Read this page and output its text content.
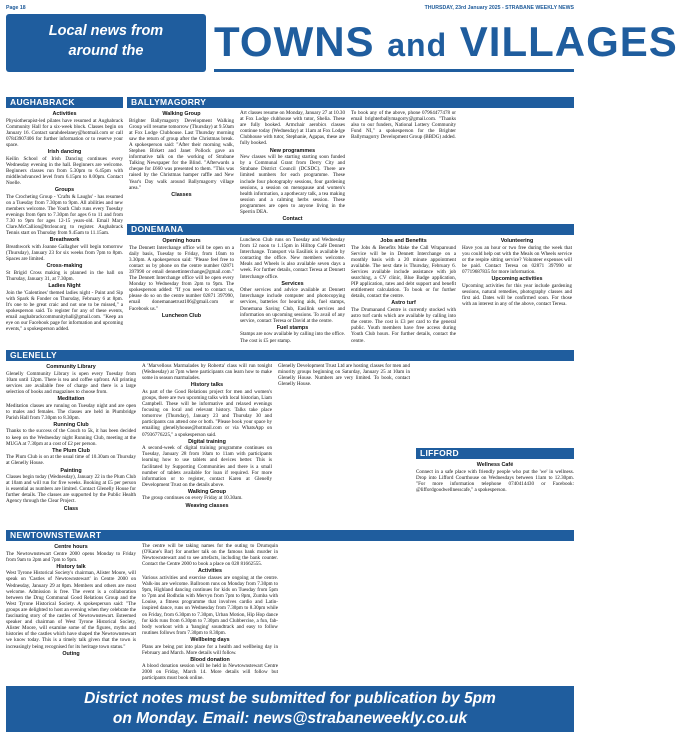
Page 18	THURSDAY, 23rd January 2025 - STRABANE WEEKLY NEWS
Local news from
around the	TOWNS and VILLAGES
AUGHABRACK	BALLYMAGORRY
DONEMANA
GLENELLY
LIFFORD
NEWTOWNSTEWART
Activities

Physiotherapist-led pilates have resumed at Aughabrack Community Hall for a six-week block. Classes begin on January 16. Contact sarahdeelaney@hotmail.com or call 07843907406 for further information or to reserve your space.

Irish dancing

Keilin School of Irish Dancing continues every Wednesday evening in the hall. Beginners are welcome. Beginners classes run from 5.30pm to 6.45pm with middle/advanced level from 6.15pm to 8.00pm. Contact Noelle.

Groups

The Crocheting Group - 'Crafts & Laughs' - has resumed on a Tuesday from 7.30pm to 9pm. All abilities and new members welcome. The Youth Club runs every Tuesday evenings from 6pm to 7.30pm for ages 6 to 11 and from 7.30 to 9pm for ages 12-15 years-old. Email Mary Clare.McCallion@btclear.org to register. Aughabrack Tennis start on Thursday from 9.45am to 11.15am.

Breathwork

Breathwork with Joanne Gallagher will begin tomorrow (Thursday), January 23 for six weeks from 7pm to 8pm. Spaces are limited.

Cross-making

St Brigid Cross making is planned in the hall on Thursday, January 31, at 7.30pm.

Ladies Night

Join the 'Galentines' themed ladies night - Paint and Sip with Spark & Fonder on Thursday, February 6 at 8pm. It's one to be great craic and not one to be missed," a spokesperson said. To register for any of these events, email aughabrackcommunityhall@gmail.com. "Keep an eye on our Facebook page for information and upcoming events," a spokesperson added.

Walking Group

Brighter Ballymagorry Development Walking Group will resume tomorrow (Thursday) at 9.50am at Fox Lodge Clubhouse. Last Thursday morning saw the return of group after the Christmas break. A spokesperson said: "After their morning walk, Stephen Birkett and Janet Pollock gave an informative talk on the working of Strabane Talking Newspaper for the Blind. "Afterwards a cheque for £660 was presented to them. "This was raised by the Christmas hamper raffle and New Year's Day walk around Ballymagorry village area."

Classes

Art classes resume on Monday, January 27 at 10.30 at Fox Lodge clubhouse with tutor, Shelia. These are fully booked. Armchair aerobics classes continue today (Wednesday) at 11am at Fox Lodge Clubhouse with tutor, Stephanie, Agapas, these are fully booked.

New programmes

New classes will be starting starting soon funded by a Communal Grant from Derry City and Strabane District Council (DCSDC). There are limited numbers for each programme. These include four photography sessions, four gardening sessions, a session on menopause and women's health information, a apothecary talk, a tea making session and a calming herbs session. These programmes are open to anyone living in the Sperrin DEA.

Contact

To book any of the above, phone 07964477478 or email brighterballymagorry@gmail.com. "Thanks also to our funders, National Lottery Community Fund NI," a spokesperson for the Brighter Ballymagorry Development Group (BBDG) added.

Opening hours

The Dennett Interchange office will be open on a daily basis, Tuesday to Friday, from 10am to 3.30pm. A spokesperson said: "Please feel free to contact us by phone on the centre number 02871 397990 or email dennettinterchange@gmail.com." The Dennett Interchange office will be open every Monday to Wednesday from 2pm to 9pm. The spokesperson added: "If you need to contact us, please do so on the centre number 02871 397990, email donemanaetrust106@gmail.com or Facebook us."

Luncheon Club

Luncheon Club runs on Tuesday and Wednesday from 12 noon to 1.15pm in Hilltop Café Dennett Interchange. Transport via Easilink is available by contacting the office. New members welcome. Meals and Wheels is also available seven days a week. For further details, contact Teresa at Dennett Interchange office.

Services

Other services and advice available at Dennett Interchange include computer and photocopying services, batteries for hearing aids, fuel stamps, Donemana Saving Club, Easilink services and information on upcoming sessions. To avail of any service, contact Teresa or David at the centre.

Fuel stamps

Stamps are now available by calling into the office. The cost is £5 per stamp.

Jobs and Benefits

The Jobs & Benefits Make the Call Wraparound Service will be in Dennett Interchange on a monthly basis with a 20 minute appointment available. The next date is Thursday, February 6. Services available include assistance with job searching, a CV clinic, Blue Badge application, PIP application, rates and debt support and benefit entitlement calculation. To book or for further details, contact the centre.

Astro turf

The Drumanand Centre is currently stocked with astro turf cards which are available by calling into the centre. The cost is £3 per card to the general public. Youth members have free access during Youth Club hours. For further details, contact the centre.

Volunteering

Have you an hour or two free during the week that you could help out with the Meals on Wheels service or the respite sitting service? Volunteer expenses will be paid. Contact Teresa on 02871 397990 or 07719687835 for more information.

Upcoming activities

Upcoming activities for this year include gardening sessions, natural remedies, photography classes and first aid. Dates will be confirmed soon. For those with an interest in any of the above, contact Teresa.

Community Library

Glenelly Community Library is open every Tuesday from 10am until 12pm. There is tea and coffee upfront. All printing services are available free of charge and there is a large selection of books and magazines to choose from.

Meditation

Meditation classes are running on Tuesday night and are open to males and females. The classes are held in Plumbridge Parish Hall from 7.30pm to 8.30pm.

Running Club

Thanks to the success of the Couch to 5k, it has been decided to keep on the Wednesday night Running Club, meeting at the MUGA at 7.30pm at a cost of £2 per person.

The Plum Club

The Plum Club is on at the usual time of 10.30am on Thursday at Glenelly House.

Painting

Classes begin today (Wednesday), January 22 in the Plum Club at 10am and will run for five weeks. Booking at £5 per person is essential as numbers are limited. Contact Glenelly House for further details. The classes are supported by the Public Health Agency through the Clear Project.

Class

A 'Marvellous Marmalades by Roberta' class will run tonight (Wednesday) at 7pm where participants can learn how to make some in season marmalades.

History talks

As part of the Good Relations project for men and women's groups, there are two upcoming talks with local historian, Liam Campbell. These will be informative and relaxed evenings focusing on local and relevant history. Talks take place tomorrow (Thursday), January 23 and Thursday 30 and participants can attend one or both. "Please book your space by emailing glenellyhouse@hotmail.com or via WhatsApp on 07936776225," a spokesperson said.

Digital training

A second-week of digital training programme continues on Tuesday, January 28 from 10am to 11am with participants learning how to use tablets and devices better. This is facilitated by Supporting Communities and there is a small number of tablets available for loan if required. For more information or to register, contact Karen at Glenelly Development Trust on the details above.

Walking Group

The group continues on every Friday at 10.30am.

Weaving classes

Glenelly Development Trust Ltd are hosting classes for men and minority groups beginning on Saturday, January 25 at 10am in Glenelly House. Numbers are very limited. To book, contact Glenelly House.

Wellness Café

Connect in a safe place with friendly people who put the 'we' in wellness. Drop into Lifford Courthouse on Wednesdays between 11am to 12.30pm. "For more information telephone 0740414430 or Facebook: @liffordgoodwellnesscafe," a spokesperson.

Centre hours

The Newtownstewart Centre 2000 opens Monday to Friday from 9am to 2pm and 7pm to 9pm.

History talk

West Tyrone Historical Society's chairman, Alister Moore, will speak on 'Castles of Newtownstewart' in Centre 2000 on Wednesday, January 29 at 8pm. Members and others are most welcome. Admission is free. The event is a collaboration between the Drug Communal Good Relations Group and the West Tyrone Historical Society. A spokesperson said: "The groups are delighted to host an evening when they celebrate the fascinating story of the castles of Newtownstewart. Esteemed speaker and chairman of West Tyrone Historical Society, Alister Moore, will examine some of the figures, myths and histories of the castles which have shaped the Newtownstewart we know today. This is a timely talk given that the town is increasingly being recognised for its heritage town status."

Outing

The centre will be taking names for the outing to Drumquin (O'Kane's Bar) for another talk on the famous bank murder in Newtownstewart and to see artefacts, including the bank counter. Contact the Centre 2000 to book a place on 028 81662555.

Activities

Various activities and exercise classes are ongoing at the centre. Walk-ins are welcome. Ballroom runs on Monday from 7.30pm to 9pm, Highland dancing continues for kids on Tuesday from 5pm to 7pm and Bodhrán with Mervyn from 7pm to 8pm, Zumba with Louise, a fitness programme that involves cardio and Latin-inspired dance, runs on Wednesday from 7.30pm to 8.30pm while on Friday, from 6.30pm to 7.30pm, Urban Motion, Hip Hop dance for kids runs from 6.30pm to 7.30pm and Clubbercise, a fun, fab-body workout with a 'banging' soundtrack and easy to follow routines follows from 7.30pm to 8.30pm.

Wellbeing days

Plans are being put into place for a health and wellbeing day in February and March. More details will follow.

Blood donation

A blood donation session will be held in Newtownstewart Centre 2000 on Friday, March 14. More details will follow but participants must book online.

District notes must be submitted for publication by 5pm
on Monday. Email: news@strabaneweekly.co.uk
